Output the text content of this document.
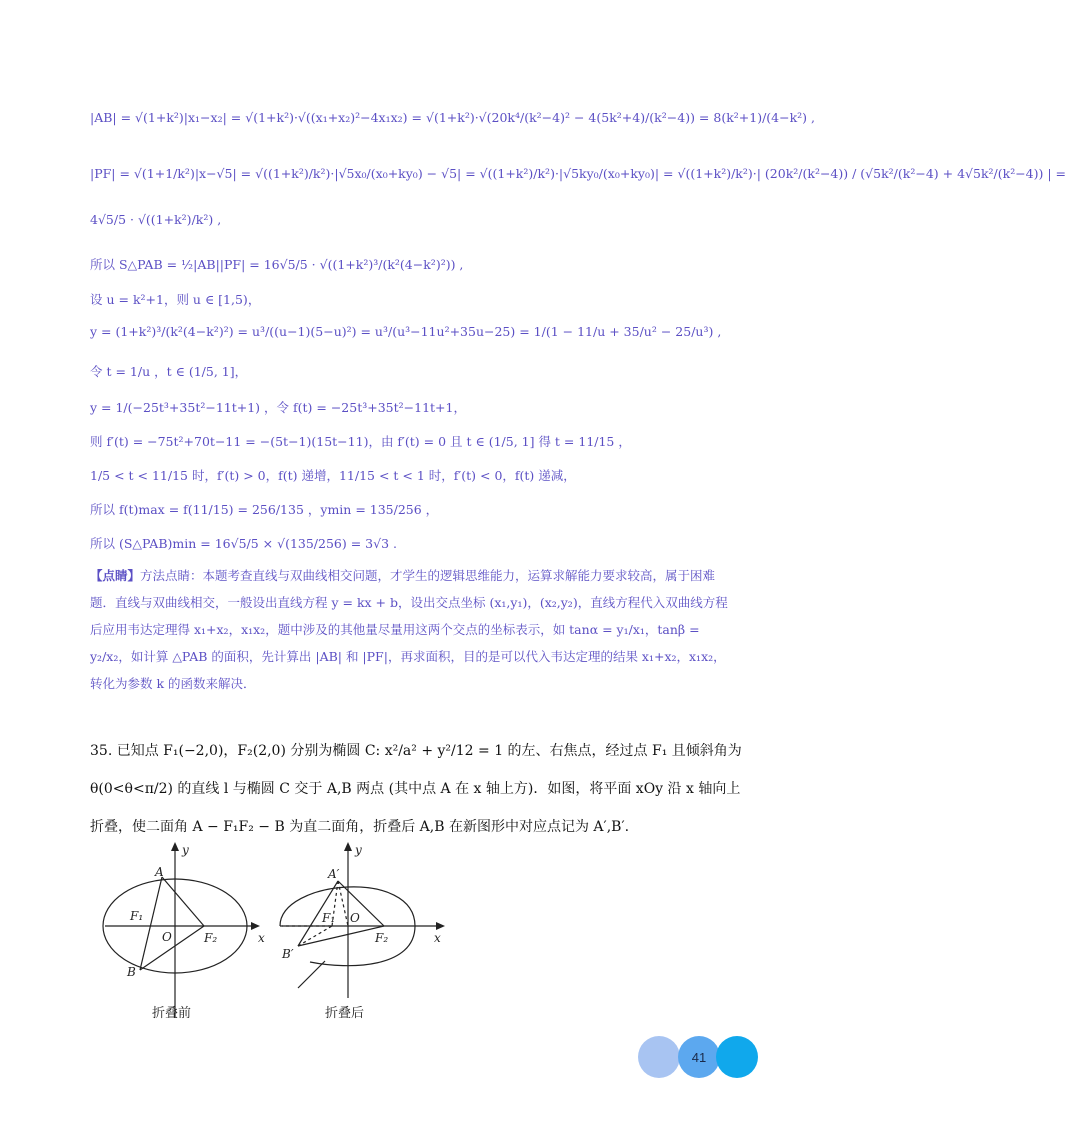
|AB| = √(1+k²)|x₁−x₂| = √(1+k²)·√((x₁+x₂)²−4x₁x₂) = √(1+k²)·√(20k⁴/(k²−4)² − 4(5k²+4)/(k²−4)) = 8(k²+1)/(4−k²) ,
|PF| = √(1+1/k²)|x−√5| = √((1+k²)/k²)·|√5x₀/(x₀+ky₀) − √5| = √((1+k²)/k²)·|√5ky₀/(x₀+ky₀)| = √((1+k²)/k²)·| (20k²/(k²−4)) / (√5k²/(k²−4) + 4√5k²/(k²−4)) | =
4√5/5 · √((1+k²)/k²) ,
所以 S△PAB = ½|AB||PF| = 16√5/5 · √((1+k²)³/(k²(4−k²)²)) ,
设 u = k²+1，则 u ∈ [1,5)，
y = (1+k²)³/(k²(4−k²)²) = u³/((u−1)(5−u)²) = u³/(u³−11u²+35u−25) = 1/(1 − 11/u + 35/u² − 25/u³) ,
令 t = 1/u ，t ∈ (1/5, 1]，
y = 1/(−25t³+35t²−11t+1) ，令 f(t) = −25t³+35t²−11t+1，
则 f′(t) = −75t²+70t−11 = −(5t−1)(15t−11)，由 f′(t) = 0 且 t ∈ (1/5, 1] 得 t = 11/15 ，
1/5 < t < 11/15 时，f′(t) > 0，f(t) 递增，11/15 < t < 1 时，f′(t) < 0，f(t) 递减，
所以 f(t)max = f(11/15) = 256/135 ，ymin = 135/256 ，
所以 (S△PAB)min = 16√5/5 × √(135/256) = 3√3 .
【点睛】方法点睛：本题考查直线与双曲线相交问题，才学生的逻辑思维能力，运算求解能力要求较高，属于困难题．直线与双曲线相交，一般设出直线方程 y = kx + b，设出交点坐标 (x₁,y₁)，(x₂,y₂)，直线方程代入双曲线方程后应用韦达定理得 x₁+x₂，x₁x₂，题中涉及的其他量尽量用这两个交点的坐标表示，如 tanα = y₁/x₁，tanβ = y₂/x₂，如计算 △PAB 的面积，先计算出 |AB| 和 |PF|，再求面积，目的是可以代入韦达定理的结果 x₁+x₂，x₁x₂，转化为参数 k 的函数来解决．
35. 已知点 F₁(−2,0)，F₂(2,0) 分别为椭圆 C: x²/a² + y²/12 = 1 的左、右焦点，经过点 F₁ 且倾斜角为
θ(0<θ<π/2) 的直线 l 与椭圆 C 交于 A,B 两点 (其中点 A 在 x 轴上方)．如图，将平面 xOy 沿 x 轴向上
折叠，使二面角 A − F₁F₂ − B 为直二面角，折叠后 A,B 在新图形中对应点记为 A′,B′.
y
x
A
B
F₁
F₂
O
y
x
A′
B′
F₁
F₂
O
折叠前	折叠后
41
